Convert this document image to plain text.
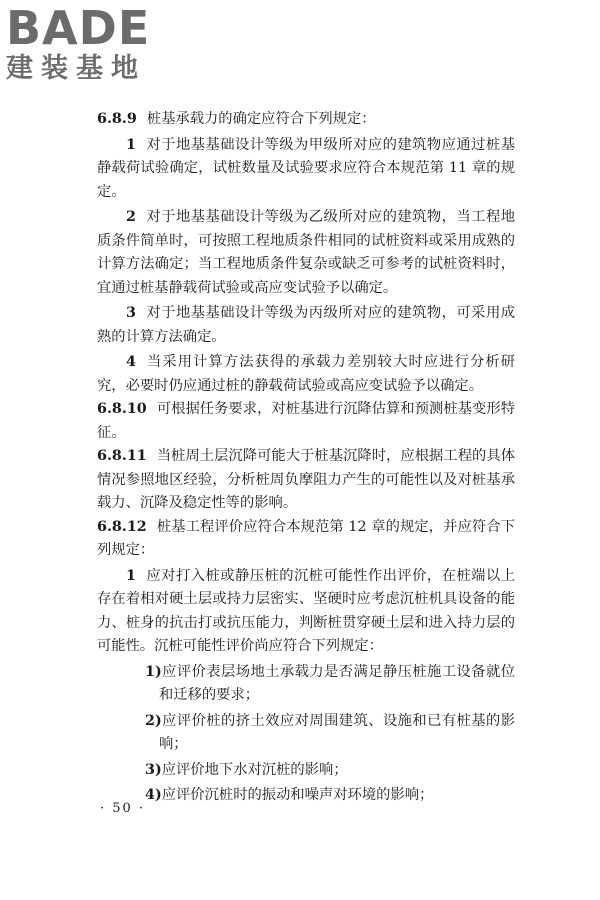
BADE
建装基地

6.8.9 桩基承载力的确定应符合下列规定：

1 对于地基基础设计等级为甲级所对应的建筑物应通过桩基静载荷试验确定，试桩数量及试验要求应符合本规范第 11 章的规定。

2 对于地基基础设计等级为乙级所对应的建筑物，当工程地质条件简单时，可按照工程地质条件相同的试桩资料或采用成熟的计算方法确定；当工程地质条件复杂或缺乏可参考的试桩资料时，宜通过桩基静载荷试验或高应变试验予以确定。

3 对于地基基础设计等级为丙级所对应的建筑物，可采用成熟的计算方法确定。

4 当采用计算方法获得的承载力差别较大时应进行分析研究，必要时仍应通过桩的静载荷试验或高应变试验予以确定。

6.8.10 可根据任务要求，对桩基进行沉降估算和预测桩基变形特征。

6.8.11 当桩周土层沉降可能大于桩基沉降时，应根据工程的具体情况参照地区经验，分析桩周负摩阻力产生的可能性以及对桩基承载力、沉降及稳定性等的影响。

6.8.12 桩基工程评价应符合本规范第 12 章的规定，并应符合下列规定：

1 应对打入桩或静压桩的沉桩可能性作出评价，在桩端以上存在着相对硬土层或持力层密实、坚硬时应考虑沉桩机具设备的能力、桩身的抗击打或抗压能力，判断桩贯穿硬土层和进入持力层的可能性。沉桩可能性评价尚应符合下列规定：

1)应评价表层场地土承载力是否满足静压桩施工设备就位和迁移的要求；

2)应评价桩的挤土效应对周围建筑、设施和已有桩基的影响；

3)应评价地下水对沉桩的影响；

4)应评价沉桩时的振动和噪声对环境的影响；

· 50 ·
